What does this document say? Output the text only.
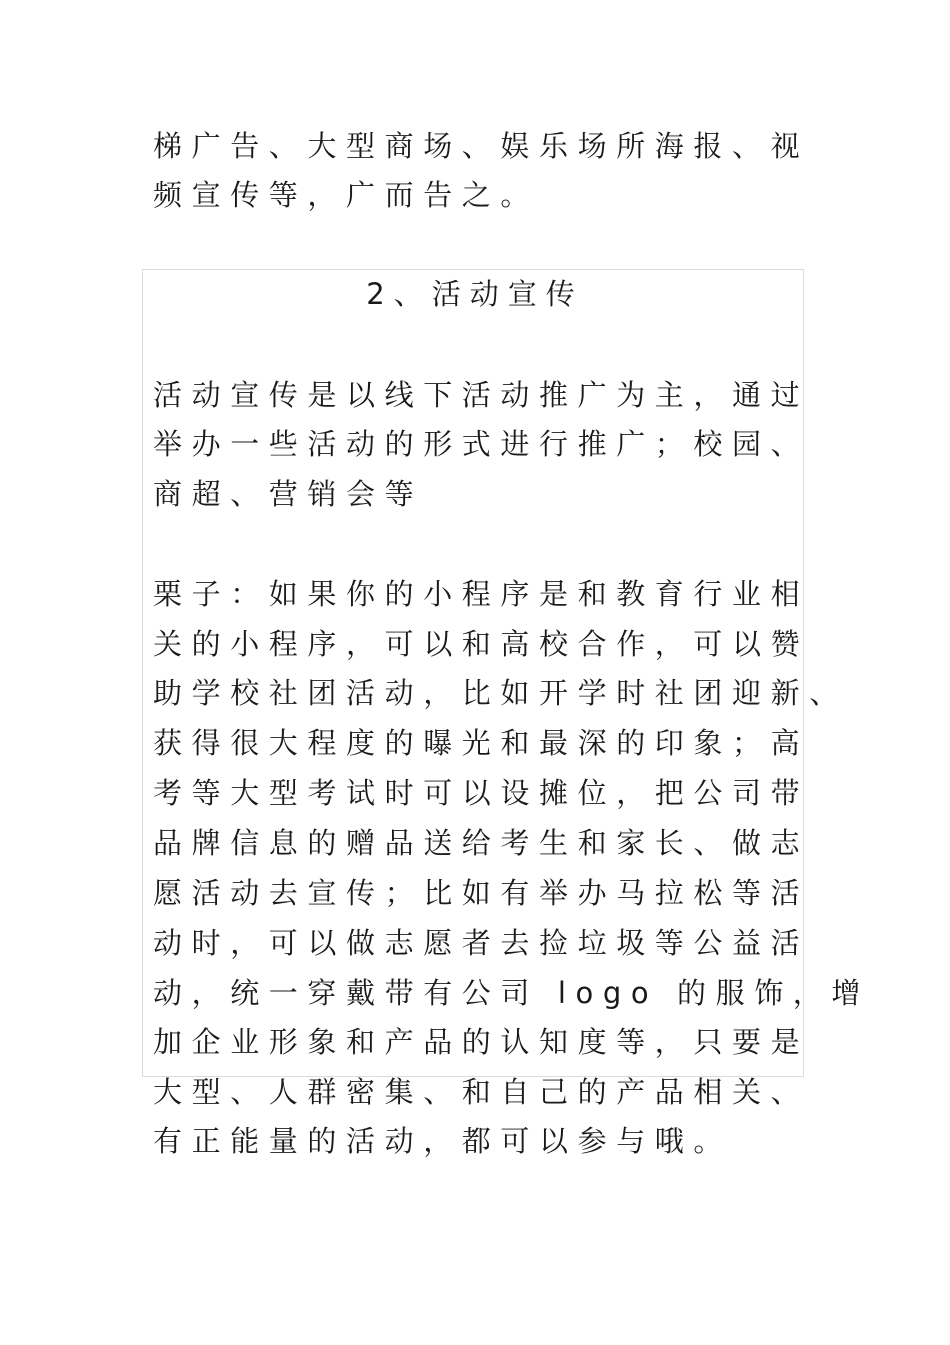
梯广告、大型商场、娱乐场所海报、视
频宣传等，广而告之。
2、活动宣传
活动宣传是以线下活动推广为主，通过
举办一些活动的形式进行推广；校园、
商超、营销会等
栗子：如果你的小程序是和教育行业相
关的小程序，可以和高校合作，可以赞
助学校社团活动，比如开学时社团迎新、
获得很大程度的曝光和最深的印象；高
考等大型考试时可以设摊位，把公司带
品牌信息的赠品送给考生和家长、做志
愿活动去宣传；比如有举办马拉松等活
动时，可以做志愿者去捡垃圾等公益活
动，统一穿戴带有公司 logo 的服饰，增
加企业形象和产品的认知度等，只要是
大型、人群密集、和自己的产品相关、
有正能量的活动，都可以参与哦。
